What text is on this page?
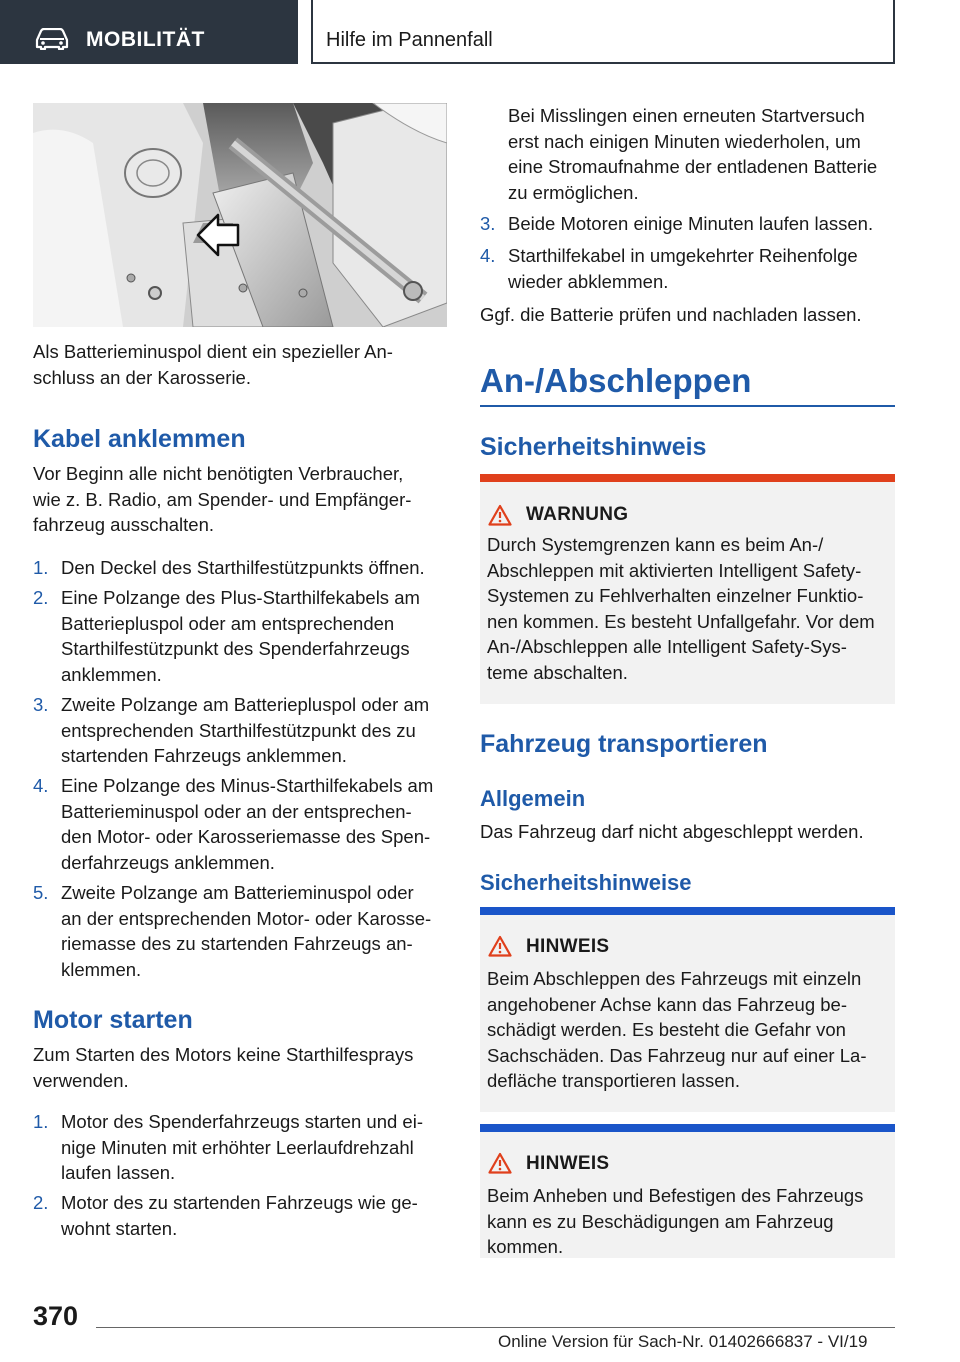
MOBILITÄT	Hilfe im Pannenfall
Als Batterieminuspol dient ein spezieller An-
schluss an der Karosserie.
Kabel anklemmen
Vor Beginn alle nicht benötigten Verbraucher,
wie z. B. Radio, am Spender- und Empfänger-
fahrzeug ausschalten.
1. Den Deckel des Starthilfestützpunkts öffnen.
2. Eine Polzange des Plus-Starthilfekabels am
Batteriepluspol oder am entsprechenden
Starthilfestützpunkt des Spenderfahrzeugs
anklemmen.
3. Zweite Polzange am Batteriepluspol oder am
entsprechenden Starthilfestützpunkt des zu
startenden Fahrzeugs anklemmen.
4. Eine Polzange des Minus-Starthilfekabels am
Batterieminuspol oder an der entsprechen-
den Motor- oder Karosseriemasse des Spen-
derfahrzeugs anklemmen.
5. Zweite Polzange am Batterieminuspol oder
an der entsprechenden Motor- oder Karosse-
riemasse des zu startenden Fahrzeugs an-
klemmen.
Motor starten
Zum Starten des Motors keine Starthilfesprays
verwenden.
1. Motor des Spenderfahrzeugs starten und ei-
nige Minuten mit erhöhter Leerlaufdrehzahl
laufen lassen.
2. Motor des zu startenden Fahrzeugs wie ge-
wohnt starten.
Bei Misslingen einen erneuten Startversuch
erst nach einigen Minuten wiederholen, um
eine Stromaufnahme der entladenen Batterie
zu ermöglichen.
3. Beide Motoren einige Minuten laufen lassen.
4. Starthilfekabel in umgekehrter Reihenfolge
wieder abklemmen.
Ggf. die Batterie prüfen und nachladen lassen.
An-/Abschleppen
Sicherheitshinweis
WARNUNG
Durch Systemgrenzen kann es beim An-/
Abschleppen mit aktivierten Intelligent Safety-
Systemen zu Fehlverhalten einzelner Funktio-
nen kommen. Es besteht Unfallgefahr. Vor dem
An-/Abschleppen alle Intelligent Safety-Sys-
teme abschalten.
Fahrzeug transportieren
Allgemein
Das Fahrzeug darf nicht abgeschleppt werden.
Sicherheitshinweise
HINWEIS
Beim Abschleppen des Fahrzeugs mit einzeln
angehobener Achse kann das Fahrzeug be-
schädigt werden. Es besteht die Gefahr von
Sachschäden. Das Fahrzeug nur auf einer La-
defläche transportieren lassen.
HINWEIS
Beim Anheben und Befestigen des Fahrzeugs
kann es zu Beschädigungen am Fahrzeug
kommen.
370
Online Version für Sach-Nr. 01402666837 - VI/19
